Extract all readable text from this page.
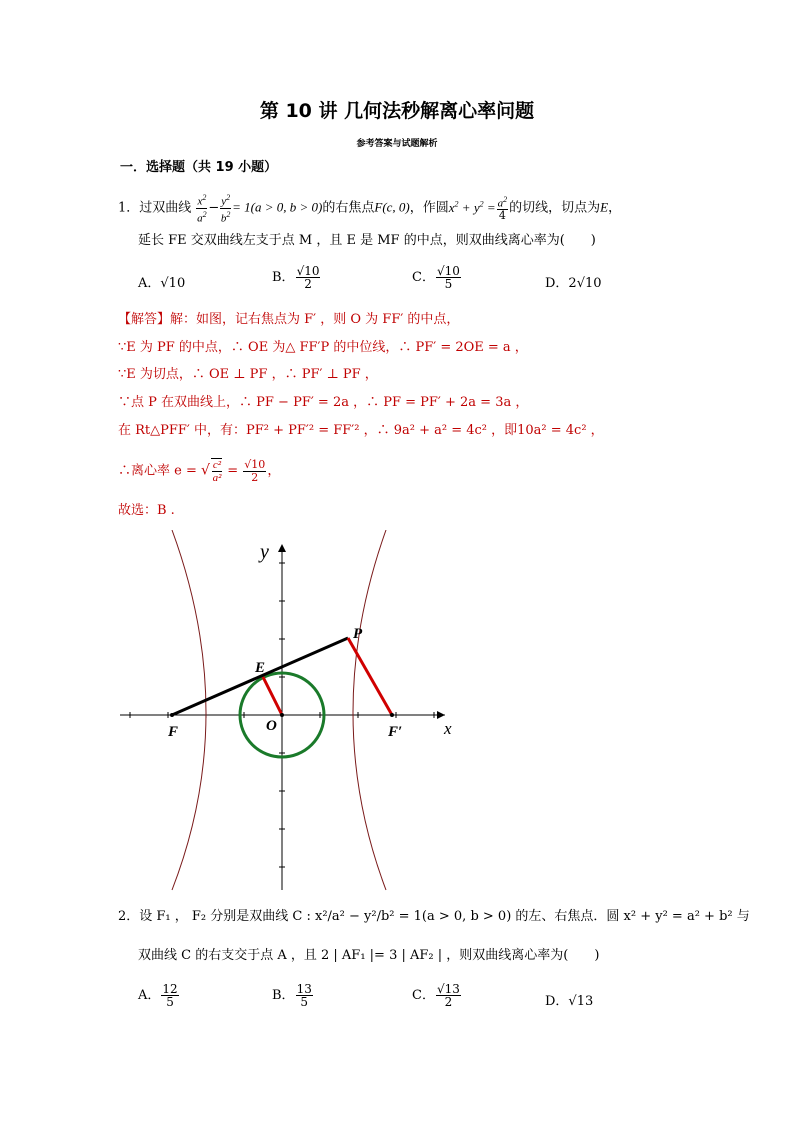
第 10 讲 几何法秒解离心率问题
参考答案与试题解析
一．选择题（共 19 小题）
1．过双曲线 $\frac{x^2}{a^2} - \frac{y^2}{b^2} = 1(a > 0$, b > 0)的右焦点F(c, 0)，作圆$x^2 + y^2 = \frac{a^2}{4}$ 的切线，切点为E，
延长 FE 交双曲线左支于点 M ，且 E 是 MF 的中点，则双曲线离心率为(　　)
A．√10	B． $\frac{√10}{2}$	C． $\frac{√10}{5}$	D．2√10
【解答】解：如图，记右焦点为 F′ ，则 O 为 FF′ 的中点，
∵E 为 PF 的中点，∴ OE 为△ FF′P 的中位线，∴ PF′ = 2OE = a ，
∵E 为切点，∴ OE ⊥ PF ，∴ PF′ ⊥ PF ，
∵点 P 在双曲线上，∴ PF − PF′ = 2a ，∴ PF = PF′ + 2a = 3a ，
在 Rt△PFF′ 中，有：PF² + PF′² = FF′² ，∴ 9a² + a² = 4c² ，即10a² = 4c² ，
∴离心率 e = √ $\frac{\text{c²}}{\text{a²}} = \frac{√10}{2}$ ，
故选：B .
y
x
E
P
F	O	F′
2．设 F₁ ， F₂ 分别是双曲线 C : x²/a² − y²/b² = 1(a > 0, b > 0) 的左、右焦点．圆 x² + y² = a² + b² 与
双曲线 C 的右支交于点 A ，且 2 | AF₁ |= 3 | AF₂ | ，则双曲线离心率为(　　)
A． $\frac{12}{5}$	B． $\frac{13}{5}$	C． $\frac{√13}{2}$	D．√13
